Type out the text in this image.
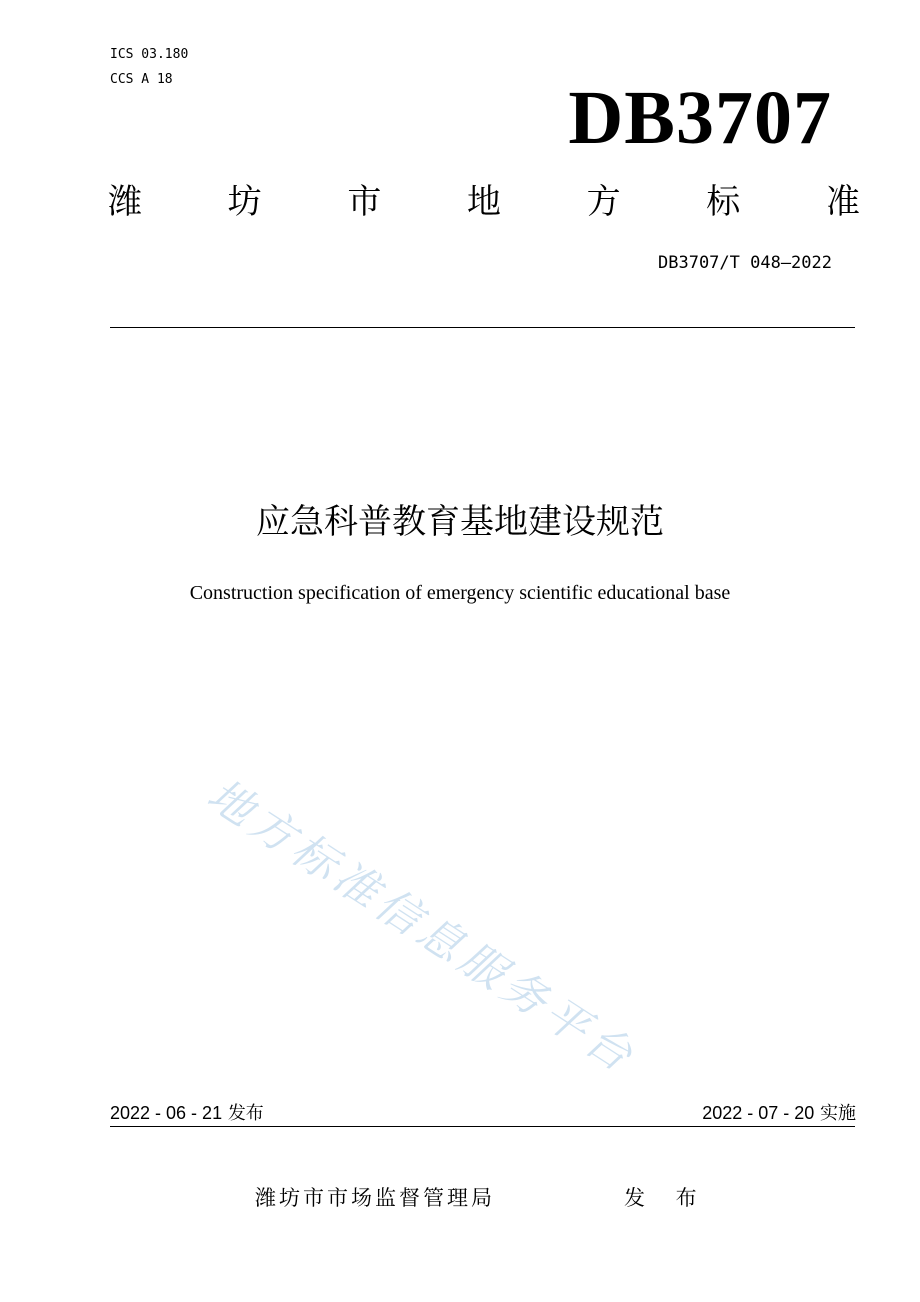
ICS 03.180
CCS A 18	DB3707
潍	坊	市	地	方	标	准
DB3707/T 048—2022
应急科普教育基地建设规范
Construction specification of emergency scientific educational base
地方标准信息服务平台
2022 - 06 - 21 发布	2022 - 07 - 20 实施
潍坊市市场监督管理局	发 布
